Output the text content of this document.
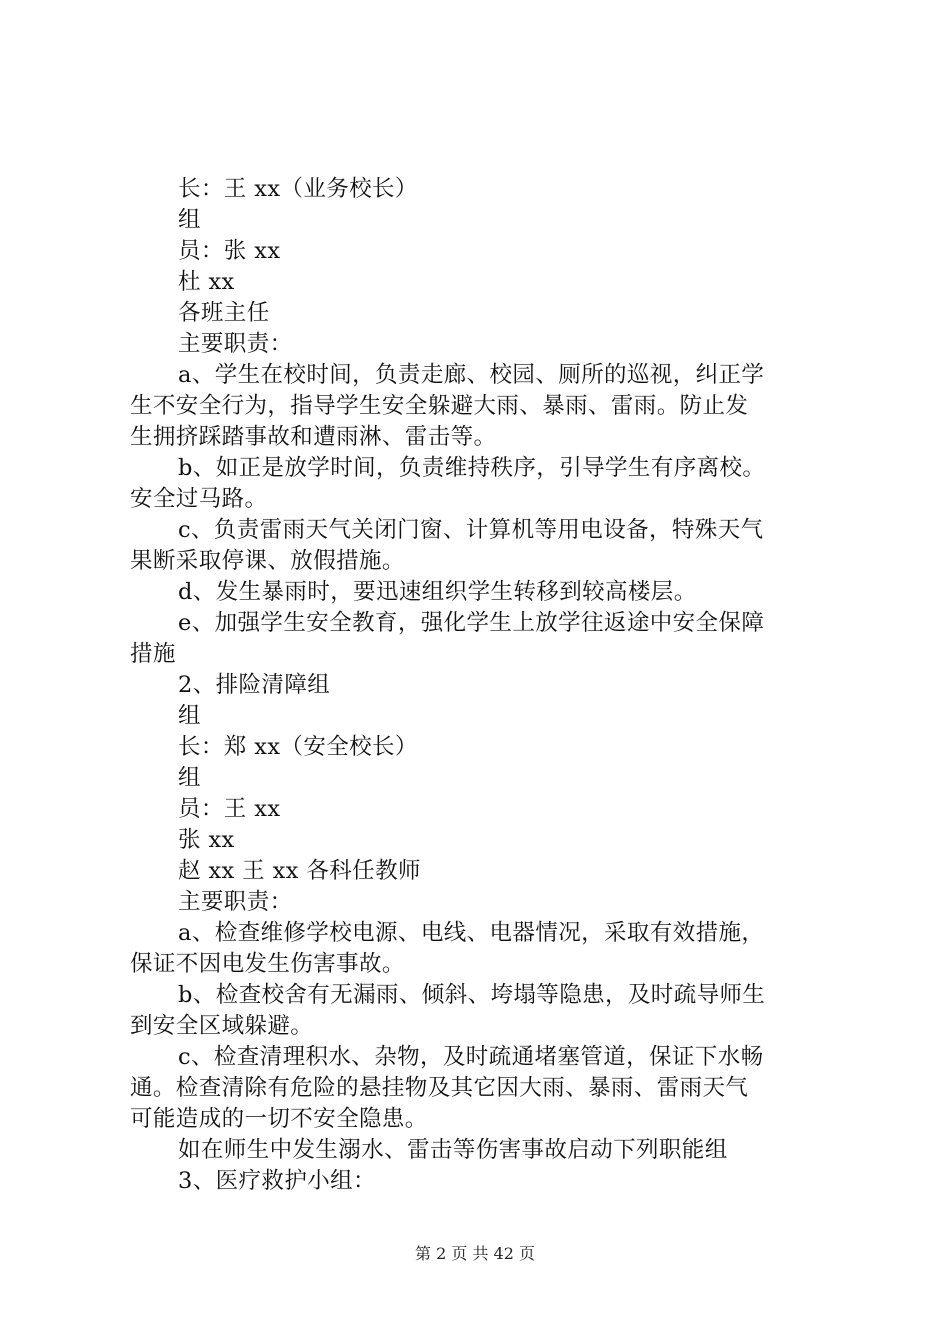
长：王 xx（业务校长）
组
员：张 xx
杜 xx
各班主任
主要职责：
a、学生在校时间，负责走廊、校园、厕所的巡视，纠正学
生不安全行为，指导学生安全躲避大雨、暴雨、雷雨。防止发
生拥挤踩踏事故和遭雨淋、雷击等。
b、如正是放学时间，负责维持秩序，引导学生有序离校。
安全过马路。
c、负责雷雨天气关闭门窗、计算机等用电设备，特殊天气
果断采取停课、放假措施。
d、发生暴雨时，要迅速组织学生转移到较高楼层。
e、加强学生安全教育，强化学生上放学往返途中安全保障
措施
2、排险清障组
组
长：郑 xx（安全校长）
组
员：王 xx
张 xx
赵 xx 王 xx 各科任教师
主要职责：
a、检查维修学校电源、电线、电器情况，采取有效措施，
保证不因电发生伤害事故。
b、检查校舍有无漏雨、倾斜、垮塌等隐患，及时疏导师生
到安全区域躲避。
c、检查清理积水、杂物，及时疏通堵塞管道，保证下水畅
通。检查清除有危险的悬挂物及其它因大雨、暴雨、雷雨天气
可能造成的一切不安全隐患。
如在师生中发生溺水、雷击等伤害事故启动下列职能组
3、医疗救护小组：
第 2 页 共 42 页
